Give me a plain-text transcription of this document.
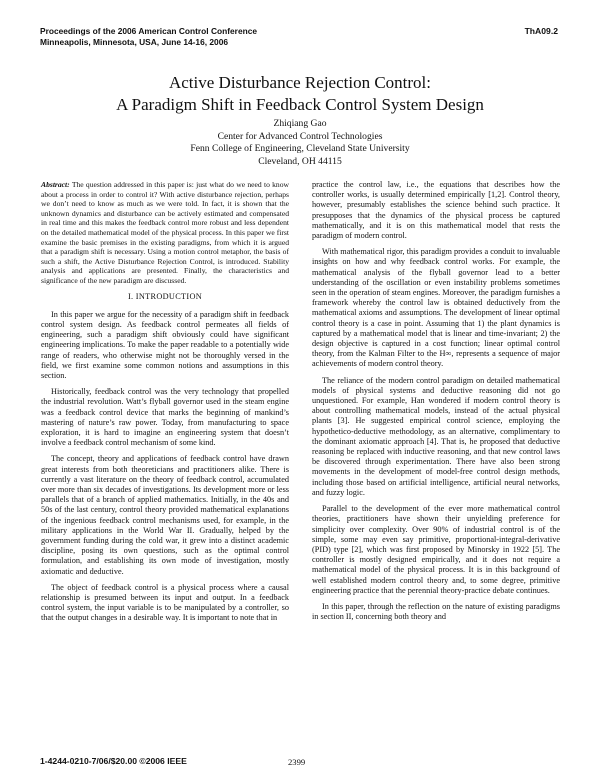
Proceedings of the 2006 American Control Conference
Minneapolis, Minnesota, USA, June 14-16, 2006
ThA09.2
Active Disturbance Rejection Control:
A Paradigm Shift in Feedback Control System Design
Zhiqiang Gao
Center for Advanced Control Technologies
Fenn College of Engineering, Cleveland State University
Cleveland, OH 44115

Abstract: The question addressed in this paper is: just what do we need to know about a process in order to control it? With active disturbance rejection, perhaps we don’t need to know as much as we were told. In fact, it is shown that the unknown dynamics and disturbance can be actively estimated and compensated in real time and this makes the feedback control more robust and less dependent on the detailed mathematical model of the physical process. In this paper we first examine the basic premises in the existing paradigms, from which it is argued that a paradigm shift is necessary. Using a motion control metaphor, the basis of such a shift, the Active Disturbance Rejection Control, is introduced. Stability analysis and applications are presented. Finally, the characteristics and significance of the new paradigm are discussed.

I. INTRODUCTION

In this paper we argue for the necessity of a paradigm shift in feedback control system design. As feedback control permeates all fields of engineering, such a paradigm shift obviously could have significant engineering implications. To make the paper readable to a potentially wide range of readers, who otherwise might not be thoroughly versed in the field, we first examine some common notions and assumptions in this section.

Historically, feedback control was the very technology that propelled the industrial revolution. Watt’s flyball governor used in the steam engine was a feedback control device that marks the beginning of mankind’s mastering of nature’s raw power. Today, from manufacturing to space exploration, it is hard to imagine an engineering system that doesn’t involve a feedback control mechanism of some kind.

The concept, theory and applications of feedback control have drawn great interests from both theoreticians and practitioners alike. There is currently a vast literature on the theory of feedback control, accumulated over more than six decades of investigations. Its development more or less parallels that of a branch of applied mathematics. Initially, in the 40s and 50s of the last century, control theory provided mathematical explanations of the ingenious feedback control mechanisms used, for example, in the military applications in the World War II. Gradually, helped by the government funding during the cold war, it grew into a distinct academic discipline, posing its own questions, such as the optimal control formulation, and establishing its own mode of investigation, mostly axiomatic and deductive.

The object of feedback control is a physical process where a causal relationship is presumed between its input and output. In a feedback control system, the input variable is to be manipulated by a controller, so that the output changes in a desirable way. It is important to note that in

practice the control law, i.e., the equations that describes how the controller works, is usually determined empirically [1,2]. Control theory, however, presumably establishes the science behind such practice. It presupposes that the dynamics of the physical process be captured mathematically, and it is on this mathematical model that rests the paradigm of modern control.

With mathematical rigor, this paradigm provides a conduit to invaluable insights on how and why feedback control works. For example, the mathematical analysis of the flyball governor lead to a better understanding of the oscillation or even instability problems sometimes seen in the operation of steam engines. Moreover, the paradigm furnishes a framework whereby the control law is obtained deductively from the mathematical axioms and assumptions. The development of linear optimal control theory is a case in point. Assuming that 1) the plant dynamics is captured by a mathematical model that is linear and time-invariant; 2) the design objective is captured in a cost function; linear optimal control theory, from the Kalman Filter to the H∞, represents a sequence of major achievements of modern control theory.

The reliance of the modern control paradigm on detailed mathematical models of physical systems and deductive reasoning did not go unquestioned. For example, Han wondered if modern control theory is about controlling mathematical models, instead of the actual physical plants [3]. He suggested empirical control science, employing the hypothetico-deductive methodology, as an alternative, complimentary to the dominant axiomatic approach [4]. That is, he proposed that deductive reasoning be replaced with inductive reasoning, and that new control laws be discovered through experimentation. There have also been strong movements in the development of model-free control design methods, including those based on artificial intelligence, artificial neural networks, and fuzzy logic.

Parallel to the development of the ever more mathematical control theories, practitioners have shown their unyielding preference for simplicity over complexity. Over 90% of industrial control is of the simple, some may even say primitive, proportional-integral-derivative (PID) type [2], which was first proposed by Minorsky in 1922 [5]. The controller is mostly designed empirically, and it does not require a mathematical model of the physical process. It is in this background of well established modern control theory and, to some degree, primitive engineering practice that the perennial theory-practice debate continues.

In this paper, through the reflection on the nature of existing paradigms in section II, concerning both theory and

1-4244-0210-7/06/$20.00 ©2006 IEEE	2399
